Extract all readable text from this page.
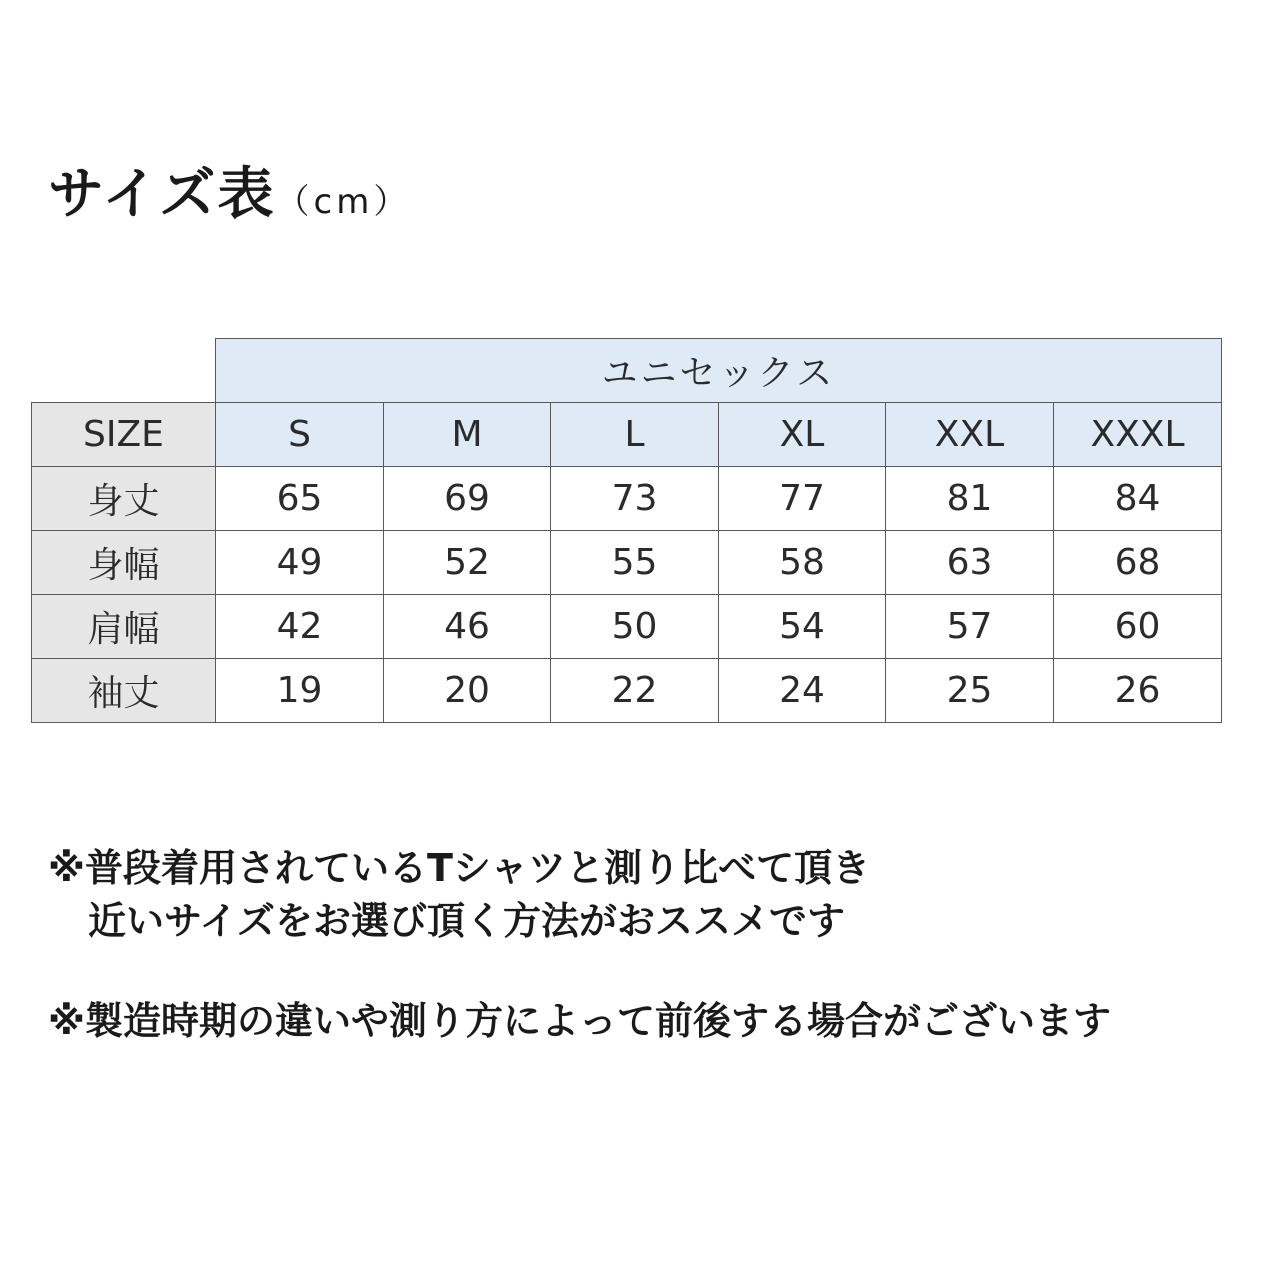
サイズ表（cm）
	ユニセックス					
SIZE	S	M	L	XL	XXL	XXXL
身丈	65	69	73	77	81	84
身幅	49	52	55	58	63	68
肩幅	42	46	50	54	57	60
袖丈	19	20	22	24	25	26
※普段着用されているTシャツと測り比べて頂き
近いサイズをお選び頂く方法がおススメです
※製造時期の違いや測り方によって前後する場合がございます
